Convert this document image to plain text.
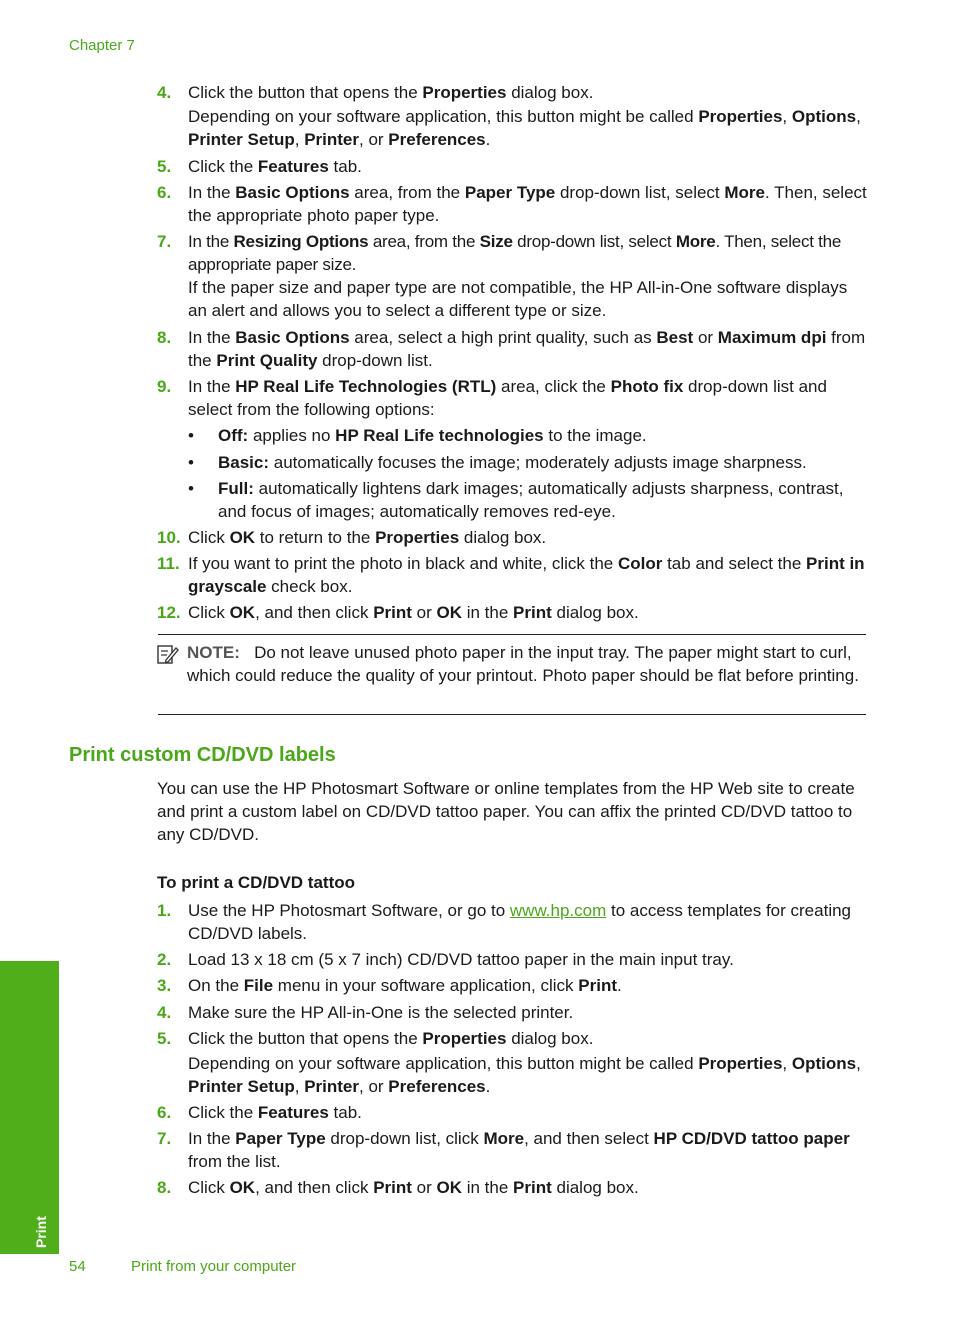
Chapter 7
4. Click the button that opens the Properties dialog box.

Depending on your software application, this button might be called Properties, Options, Printer Setup, Printer, or Preferences.

5. Click the Features tab.

6. In the Basic Options area, from the Paper Type drop-down list, select More. Then, select the appropriate photo paper type.

7. In the Resizing Options area, from the Size drop-down list, select More. Then, select the appropriate paper size.

If the paper size and paper type are not compatible, the HP All-in-One software displays an alert and allows you to select a different type or size.

8. In the Basic Options area, select a high print quality, such as Best or Maximum dpi from the Print Quality drop-down list.

9. In the HP Real Life Technologies (RTL) area, click the Photo fix drop-down list and select from the following options:

• Off: applies no HP Real Life technologies to the image.
• Basic: automatically focuses the image; moderately adjusts image sharpness.
• Full: automatically lightens dark images; automatically adjusts sharpness, contrast, and focus of images; automatically removes red-eye.
10. Click OK to return to the Properties dialog box.

11. If you want to print the photo in black and white, click the Color tab and select the Print in grayscale check box.

12. Click OK, and then click Print or OK in the Print dialog box.

NOTE: Do not leave unused photo paper in the input tray. The paper might start to curl, which could reduce the quality of your printout. Photo paper should be flat before printing.
Print custom CD/DVD labels
You can use the HP Photosmart Software or online templates from the HP Web site to create and print a custom label on CD/DVD tattoo paper. You can affix the printed CD/DVD tattoo to any CD/DVD.
To print a CD/DVD tattoo
1. Use the HP Photosmart Software, or go to www.hp.com to access templates for creating CD/DVD labels.

2. Load 13 x 18 cm (5 x 7 inch) CD/DVD tattoo paper in the main input tray.

3. On the File menu in your software application, click Print.

4. Make sure the HP All-in-One is the selected printer.

5. Click the button that opens the Properties dialog box.

Depending on your software application, this button might be called Properties, Options, Printer Setup, Printer, or Preferences.

6. Click the Features tab.

7. In the Paper Type drop-down list, click More, and then select HP CD/DVD tattoo paper from the list.

8. Click OK, and then click Print or OK in the Print dialog box.

Print
54	Print from your computer
